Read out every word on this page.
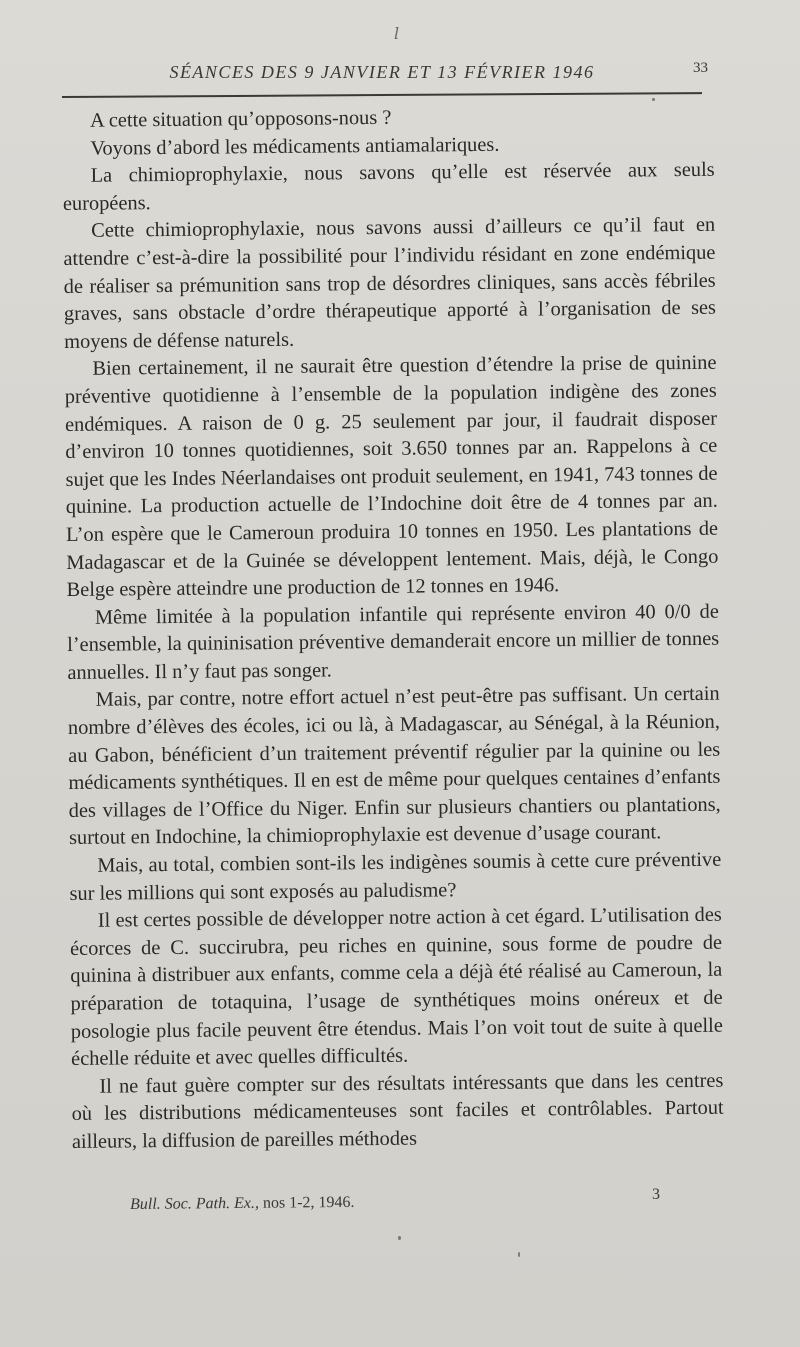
l
SÉANCES DES 9 JANVIER ET 13 FÉVRIER 1946	33

A cette situation qu’opposons-nous ?

Voyons d’abord les médicaments antiamalariques.

La chimioprophylaxie, nous savons qu’elle est réservée aux seuls européens.

Cette chimioprophylaxie, nous savons aussi d’ailleurs ce qu’il faut en attendre c’est-à-dire la possibilité pour l’individu résidant en zone endémique de réaliser sa prémunition sans trop de désordres cliniques, sans accès fébriles graves, sans obstacle d’ordre thérapeutique apporté à l’organisation de ses moyens de défense naturels.

Bien certainement, il ne saurait être question d’étendre la prise de quinine préventive quotidienne à l’ensemble de la population indigène des zones endémiques. A raison de 0 g. 25 seulement par jour, il faudrait disposer d’environ 10 tonnes quotidiennes, soit 3.650 tonnes par an. Rappelons à ce sujet que les Indes Néerlandaises ont produit seulement, en 1941, 743 tonnes de quinine. La production actuelle de l’Indochine doit être de 4 tonnes par an. L’on espère que le Cameroun produira 10 tonnes en 1950. Les plantations de Madagascar et de la Guinée se développent lentement. Mais, déjà, le Congo Belge espère atteindre une production de 12 tonnes en 1946.

Même limitée à la population infantile qui représente environ 40 0/0 de l’ensemble, la quininisation préventive demanderait encore un millier de tonnes annuelles. Il n’y faut pas songer.

Mais, par contre, notre effort actuel n’est peut-être pas suffisant. Un certain nombre d’élèves des écoles, ici ou là, à Madagascar, au Sénégal, à la Réunion, au Gabon, bénéficient d’un traitement préventif régulier par la quinine ou les médicaments synthétiques. Il en est de même pour quelques centaines d’enfants des villages de l’Office du Niger. Enfin sur plusieurs chantiers ou plantations, surtout en Indochine, la chimioprophylaxie est devenue d’usage courant.

Mais, au total, combien sont-ils les indigènes soumis à cette cure préventive sur les millions qui sont exposés au paludisme?

Il est certes possible de développer notre action à cet égard. L’utilisation des écorces de C. succirubra, peu riches en quinine, sous forme de poudre de quinina à distribuer aux enfants, comme cela a déjà été réalisé au Cameroun, la préparation de totaquina, l’usage de synthétiques moins onéreux et de posologie plus facile peuvent être étendus. Mais l’on voit tout de suite à quelle échelle réduite et avec quelles difficultés.

Il ne faut guère compter sur des résultats intéressants que dans les centres où les distributions médicamenteuses sont faciles et contrôlables. Partout ailleurs, la diffusion de pareilles méthodes

Bull. Soc. Path. Ex., nos 1-2, 1946.	3
